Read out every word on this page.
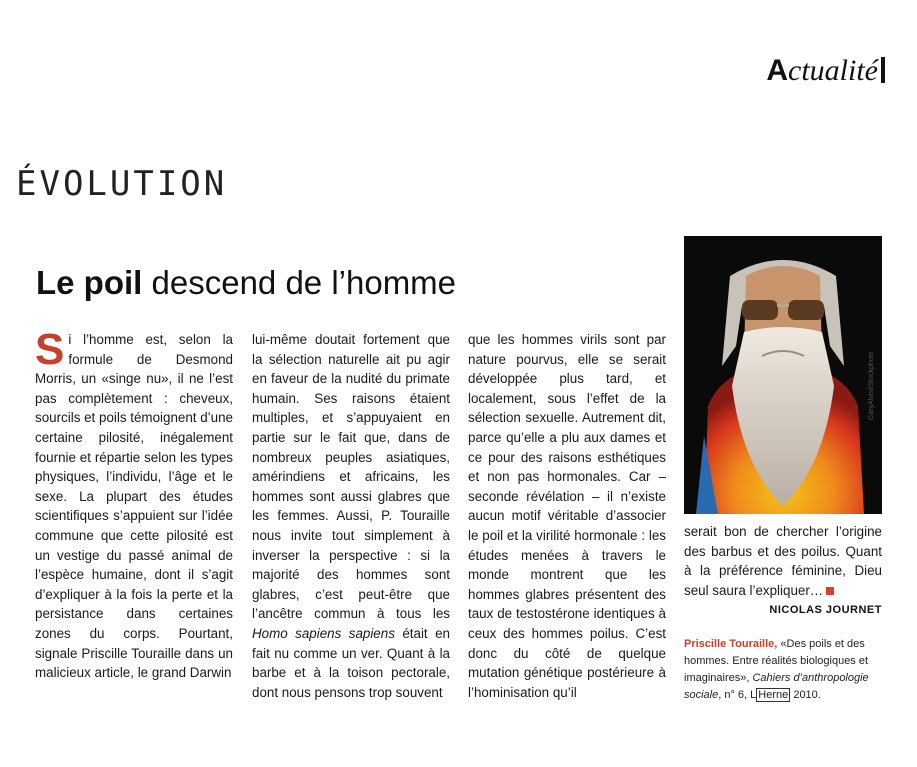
Actualité
ÉVOLUTION
Le poil descend de l’homme

Si l’homme est, selon la formule de Desmond Morris, un «singe nu», il ne l’est pas complètement : cheveux, sourcils et poils témoignent d’une certaine pilosité, inégalement fournie et répartie selon les types physiques, l’individu, l’âge et le sexe. La plupart des études scientifiques s’appuient sur l’idée commune que cette pilosité est un vestige du passé animal de l’espèce humaine, dont il s’agit d’expliquer à la fois la perte et la persistance dans certaines zones du corps. Pourtant, signale Priscille Touraille dans un malicieux article, le grand Darwin

lui-même doutait fortement que la sélection naturelle ait pu agir en faveur de la nudité du primate humain. Ses raisons étaient multiples, et s’appuyaient en partie sur le fait que, dans de nombreux peuples asiatiques, amérindiens et africains, les hommes sont aussi glabres que les femmes. Aussi, P. Touraille nous invite tout simplement à inverser la perspective : si la majorité des hommes sont glabres, c’est peut-être que l’ancêtre commun à tous les Homo sapiens sapiens était en fait nu comme un ver. Quant à la barbe et à la toison pectorale, dont nous pensons trop souvent

que les hommes virils sont par nature pourvus, elle se serait développée plus tard, et localement, sous l’effet de la sélection sexuelle. Autrement dit, parce qu’elle a plu aux dames et ce pour des raisons esthétiques et non pas hormonales. Car – seconde révélation – il n’existe aucun motif véritable d’associer le poil et la virilité hormonale : les études menées à travers le monde montrent que les hommes glabres présentent des taux de testostérone identiques à ceux des hommes poilus. C’est donc du côté de quelque mutation génétique postérieure à l’hominisation qu’il

GaryAlvis/iStockphoto

serait bon de chercher l’origine des barbus et des poilus. Quant à la préférence féminine, Dieu seul saura l’expliquer…

NICOLAS JOURNET
Priscille Touraille, «Des poils et des hommes. Entre réalités biologiques et imaginaires», Cahiers d’anthropologie sociale, n° 6, L Herne 2010.
